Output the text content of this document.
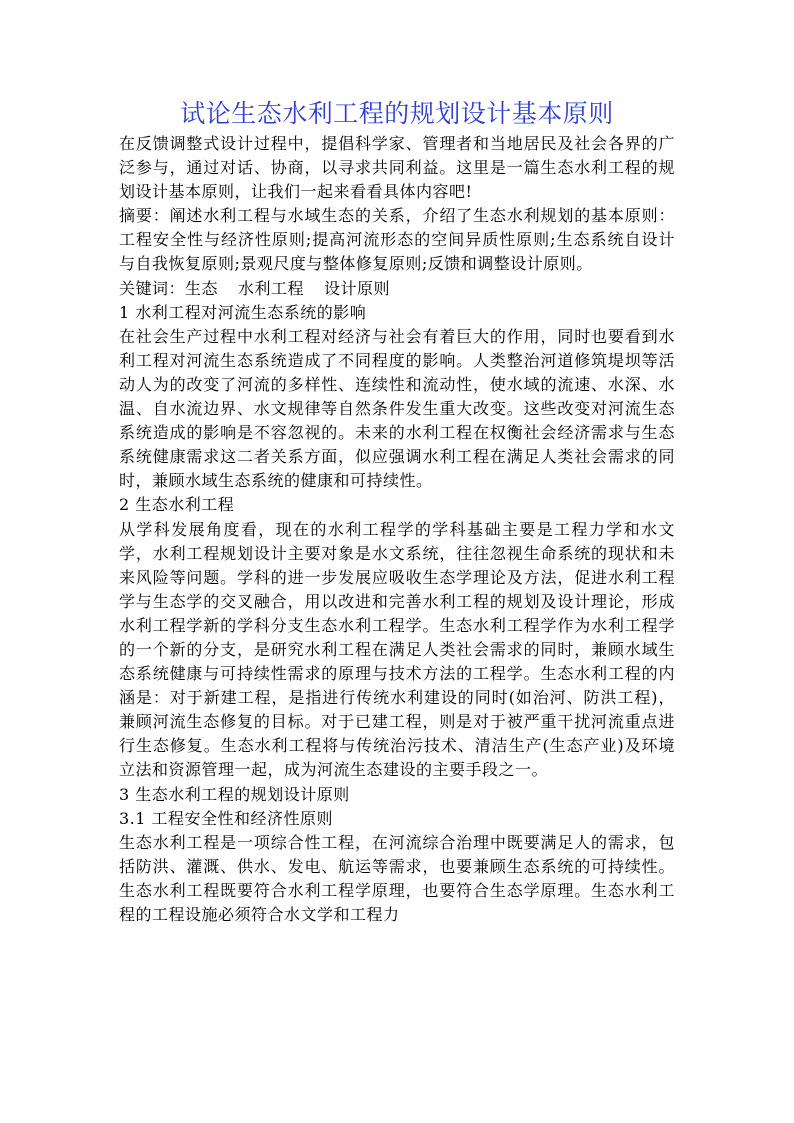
试论生态水利工程的规划设计基本原则

在反馈调整式设计过程中，提倡科学家、管理者和当地居民及社会各界的广泛参与，通过对话、协商，以寻求共同利益。这里是一篇生态水利工程的规划设计基本原则，让我们一起来看看具体内容吧!

摘要：阐述水利工程与水域生态的关系，介绍了生态水利规划的基本原则：工程安全性与经济性原则;提高河流形态的空间异质性原则;生态系统自设计与自我恢复原则;景观尺度与整体修复原则;反馈和调整设计原则。

关键词：生态 水利工程 设计原则

1 水利工程对河流生态系统的影响

在社会生产过程中水利工程对经济与社会有着巨大的作用，同时也要看到水利工程对河流生态系统造成了不同程度的影响。人类整治河道修筑堤坝等活动人为的改变了河流的多样性、连续性和流动性，使水域的流速、水深、水温、自水流边界、水文规律等自然条件发生重大改变。这些改变对河流生态系统造成的影响是不容忽视的。未来的水利工程在权衡社会经济需求与生态系统健康需求这二者关系方面，似应强调水利工程在满足人类社会需求的同时，兼顾水域生态系统的健康和可持续性。

2 生态水利工程

从学科发展角度看，现在的水利工程学的学科基础主要是工程力学和水文学，水利工程规划设计主要对象是水文系统，往往忽视生命系统的现状和未来风险等问题。学科的进一步发展应吸收生态学理论及方法，促进水利工程学与生态学的交叉融合，用以改进和完善水利工程的规划及设计理论，形成水利工程学新的学科分支生态水利工程学。生态水利工程学作为水利工程学的一个新的分支，是研究水利工程在满足人类社会需求的同时，兼顾水域生态系统健康与可持续性需求的原理与技术方法的工程学。生态水利工程的内涵是：对于新建工程，是指进行传统水利建设的同时(如治河、防洪工程)，兼顾河流生态修复的目标。对于已建工程，则是对于被严重干扰河流重点进行生态修复。生态水利工程将与传统治污技术、清洁生产(生态产业)及环境立法和资源管理一起，成为河流生态建设的主要手段之一。

3 生态水利工程的规划设计原则

3.1 工程安全性和经济性原则

生态水利工程是一项综合性工程，在河流综合治理中既要满足人的需求，包括防洪、灌溉、供水、发电、航运等需求，也要兼顾生态系统的可持续性。生态水利工程既要符合水利工程学原理，也要符合生态学原理。生态水利工程的工程设施必须符合水文学和工程力
